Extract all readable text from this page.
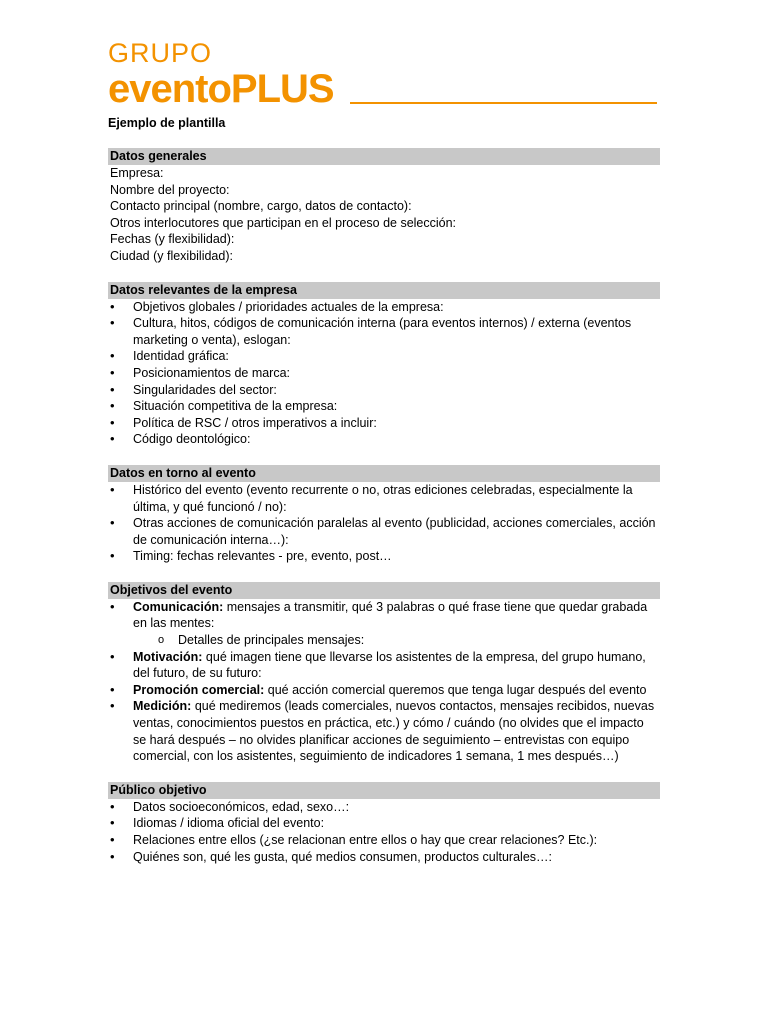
GRUPO
eventoPLUS
Ejemplo de plantilla
Datos generales
Empresa:
Nombre del proyecto:
Contacto principal (nombre, cargo, datos de contacto):
Otros interlocutores que participan en el proceso de selección:
Fechas (y flexibilidad):
Ciudad (y flexibilidad):
Datos relevantes de la empresa
• Objetivos globales / prioridades actuales de la empresa:
• Cultura, hitos, códigos de comunicación interna (para eventos internos) / externa (eventos marketing o venta), eslogan:
• Identidad gráfica:
• Posicionamientos de marca:
• Singularidades del sector:
• Situación competitiva de la empresa:
• Política de RSC / otros imperativos a incluir:
• Código deontológico:
Datos en torno al evento
• Histórico del evento (evento recurrente o no, otras ediciones celebradas, especialmente la última, y qué funcionó / no):
• Otras acciones de comunicación paralelas al evento (publicidad, acciones comerciales, acción de comunicación interna…):
• Timing: fechas relevantes - pre, evento, post…
Objetivos del evento
• Comunicación: mensajes a transmitir, qué 3 palabras o qué frase tiene que quedar grabada en las mentes:
o Detalles de principales mensajes:
• Motivación: qué imagen tiene que llevarse los asistentes de la empresa, del grupo humano, del futuro, de su futuro:
• Promoción comercial: qué acción comercial queremos que tenga lugar después del evento
• Medición: qué mediremos (leads comerciales, nuevos contactos, mensajes recibidos, nuevas ventas, conocimientos puestos en práctica, etc.) y cómo / cuándo (no olvides que el impacto se hará después – no olvides planificar acciones de seguimiento – entrevistas con equipo comercial, con los asistentes, seguimiento de indicadores 1 semana, 1 mes después…)
Público objetivo
• Datos socioeconómicos, edad, sexo…:
• Idiomas / idioma oficial del evento:
• Relaciones entre ellos (¿se relacionan entre ellos o hay que crear relaciones? Etc.):
• Quiénes son, qué les gusta, qué medios consumen, productos culturales…:
